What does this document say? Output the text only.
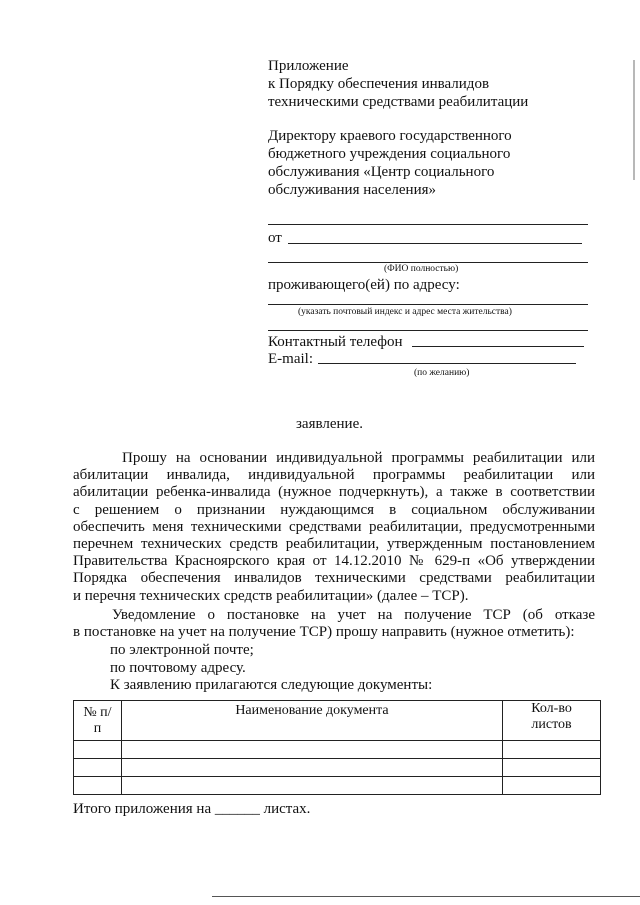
Приложение
к Порядку обеспечения инвалидов
техническими средствами реабилитации
Директору краевого государственного
бюджетного учреждения социального
обслуживания «Центр социального
обслуживания населения»
от
(ФИО полностью)
проживающего(ей) по адресу:
(указать почтовый индекс и адрес места жительства)
Контактный телефон
E-mail:
(по желанию)
заявление.
Прошу на основании индивидуальной программы реабилитации или
абилитации инвалида, индивидуальной программы реабилитации или
абилитации ребенка-инвалида (нужное подчеркнуть), а также в соответствии
с решением о признании нуждающимся в социальном обслуживании
обеспечить меня техническими средствами реабилитации, предусмотренными
перечнем технических средств реабилитации, утвержденным постановлением
Правительства Красноярского края от 14.12.2010 № 629-п «Об утверждении
Порядка обеспечения инвалидов техническими средствами реабилитации
и перечня технических средств реабилитации» (далее – ТСР).
Уведомление о постановке на учет на получение ТСР (об отказе
в постановке на учет на получение ТСР) прошу направить (нужное отметить):
по электронной почте;
по почтовому адресу.
К заявлению прилагаются следующие документы:
№ п/п	Наименование документа	Кол-во листов

Итого приложения на ______ листах.
